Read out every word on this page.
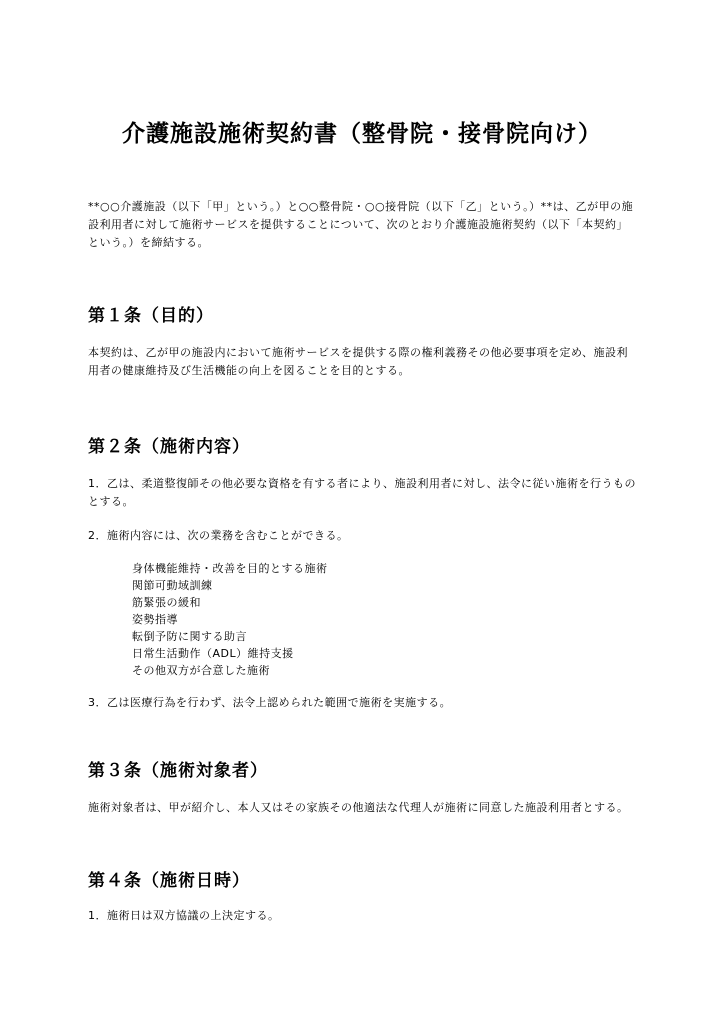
介護施設施術契約書（整骨院・接骨院向け）

**○○介護施設（以下「甲」という。）と○○整骨院・○○接骨院（以下「乙」という。）**は、乙が甲の施設利用者に対して施術サービスを提供することについて、次のとおり介護施設施術契約（以下「本契約」という。）を締結する。

第１条（目的）

本契約は、乙が甲の施設内において施術サービスを提供する際の権利義務その他必要事項を定め、施設利用者の健康維持及び生活機能の向上を図ることを目的とする。

第２条（施術内容）

1．乙は、柔道整復師その他必要な資格を有する者により、施設利用者に対し、法令に従い施術を行うものとする。

2．施術内容には、次の業務を含むことができる。

身体機能維持・改善を目的とする施術
関節可動域訓練
筋緊張の緩和
姿勢指導
転倒予防に関する助言
日常生活動作（ADL）維持支援
その他双方が合意した施術

3．乙は医療行為を行わず、法令上認められた範囲で施術を実施する。

第３条（施術対象者）

施術対象者は、甲が紹介し、本人又はその家族その他適法な代理人が施術に同意した施設利用者とする。

第４条（施術日時）

1．施術日は双方協議の上決定する。
